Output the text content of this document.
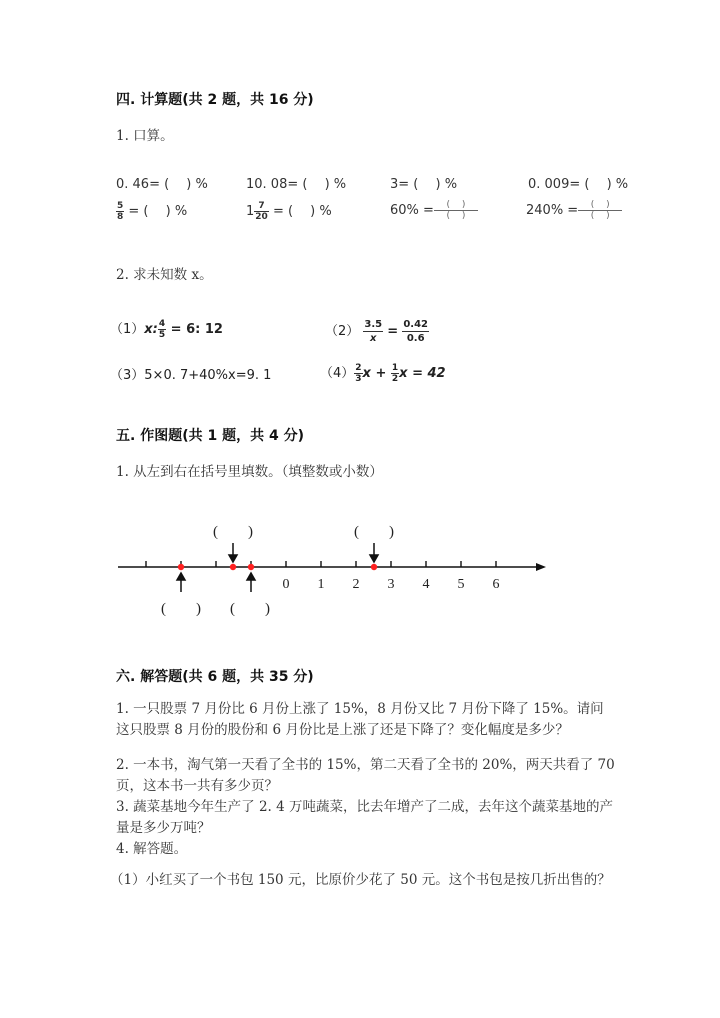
四. 计算题(共 2 题，共 16 分)
1. 口算。
0. 46= (　 ) %	10. 08= (　 ) %	3= (　 ) %	0. 009= (　 ) %
$\frac{5}{8}$ = (　 ) %	$1 \frac{7}{20}$ = (　 ) %	$60\% = \frac{( )}{( )}$	$240\% = \frac{( )}{( )}$
2. 求未知数 x。
（1）x: $\frac{4}{5} = 6$: 12	$(2) \frac{3.5}{x} = \frac{0.42}{0.6}$
（3）5×0. 7+40%x=9. 1	$(4) \frac{2}{3}$ $x + \frac{1}{2}$ x = 42
五. 作图题(共 1 题，共 4 分)
1. 从左到右在括号里填数。（填整数或小数）
0 1 2 3 4 5 6
(　　)	(　　)
(　　) (　　)
六. 解答题(共 6 题，共 35 分)
1. 一只股票 7 月份比 6 月份上涨了 15%，8 月份又比 7 月份下降了 15%。请问这只股票 8 月份的股份和 6 月份比是上涨了还是下降了？变化幅度是多少？
2. 一本书，淘气第一天看了全书的 15%，第二天看了全书的 20%，两天共看了 70 页，这本书一共有多少页？
3. 蔬菜基地今年生产了 2. 4 万吨蔬菜，比去年增产了二成，去年这个蔬菜基地的产量是多少万吨？
4. 解答题。
（1）小红买了一个书包 150 元，比原价少花了 50 元。这个书包是按几折出售的？
